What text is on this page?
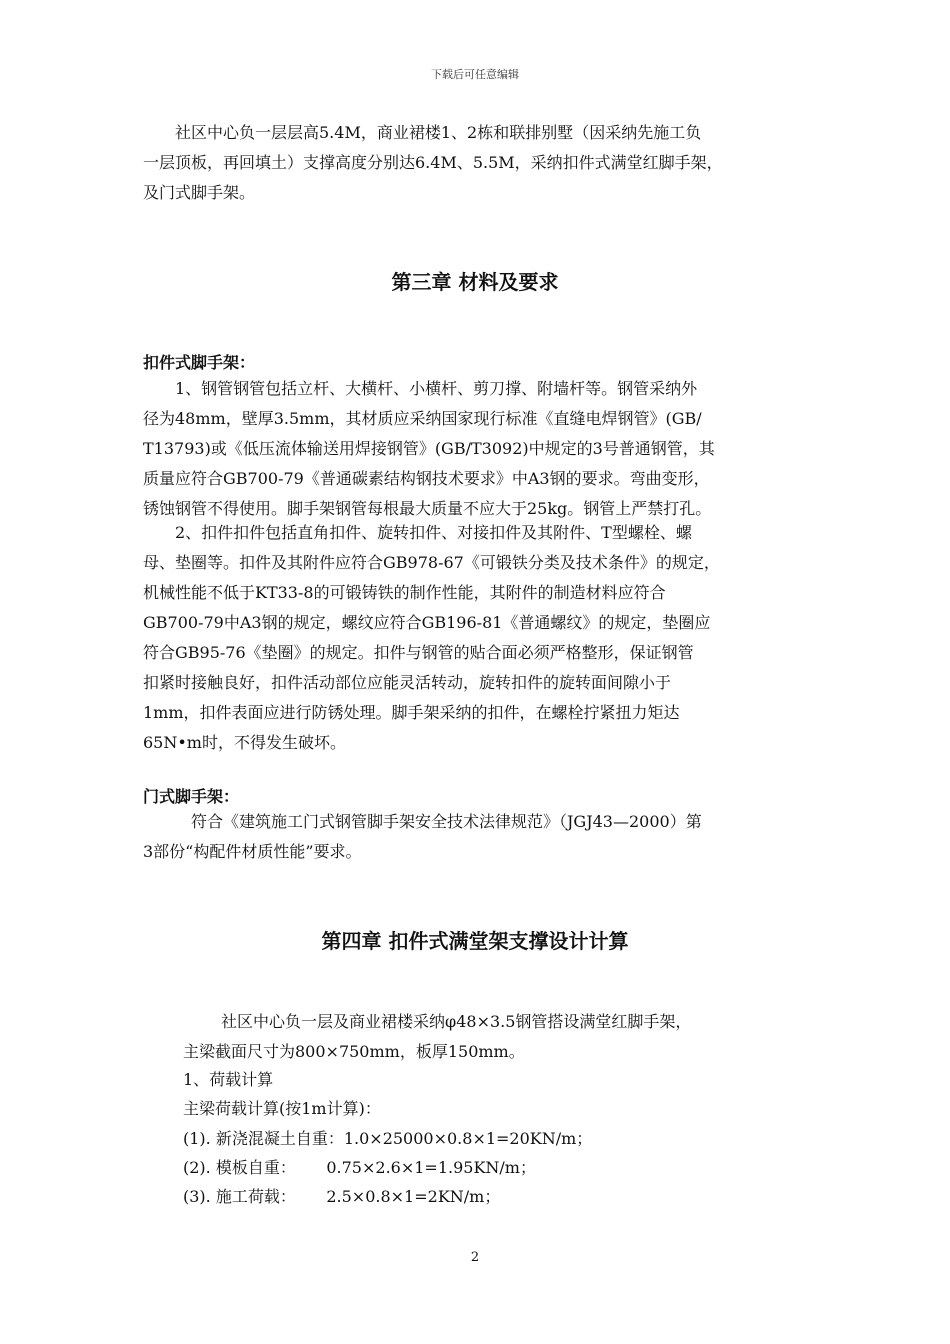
下载后可任意编辑
社区中心负一层层高5.4M，商业裙楼1、2栋和联排别墅（因采纳先施工负
一层顶板，再回填土）支撑高度分别达6.4M、5.5M，采纳扣件式满堂红脚手架，
及门式脚手架。
第三章 材料及要求
扣件式脚手架：
1、钢管钢管包括立杆、大横杆、小横杆、剪刀撑、附墙杆等。钢管采纳外
径为48mm，壁厚3.5mm，其材质应采纳国家现行标准《直缝电焊钢管》(GB/
T13793)或《低压流体输送用焊接钢管》(GB/T3092)中规定的3号普通钢管，其
质量应符合GB700-79《普通碳素结构钢技术要求》中A3钢的要求。弯曲变形，
锈蚀钢管不得使用。脚手架钢管每根最大质量不应大于25kg。钢管上严禁打孔。
2、扣件扣件包括直角扣件、旋转扣件、对接扣件及其附件、T型螺栓、螺
母、垫圈等。扣件及其附件应符合GB978-67《可锻铁分类及技术条件》的规定，
机械性能不低于KT33-8的可锻铸铁的制作性能，其附件的制造材料应符合
GB700-79中A3钢的规定，螺纹应符合GB196-81《普通螺纹》的规定，垫圈应
符合GB95-76《垫圈》的规定。扣件与钢管的贴合面必须严格整形，保证钢管
扣紧时接触良好，扣件活动部位应能灵活转动，旋转扣件的旋转面间隙小于
1mm，扣件表面应进行防锈处理。脚手架采纳的扣件，在螺栓拧紧扭力矩达
65N•m时，不得发生破坏。
门式脚手架：
符合《建筑施工门式钢管脚手架安全技术法律规范》（JGJ43—2000）第
3部份“构配件材质性能”要求。
第四章 扣件式满堂架支撑设计计算
社区中心负一层及商业裙楼采纳φ48×3.5钢管搭设满堂红脚手架，
主梁截面尺寸为800×750mm，板厚150mm。
1、荷载计算
主梁荷载计算(按1m计算)：
(1). 新浇混凝土自重：1.0×25000×0.8×1=20KN/m；
(2). 模板自重：      0.75×2.6×1=1.95KN/m；
(3). 施工荷载：      2.5×0.8×1=2KN/m；
2
